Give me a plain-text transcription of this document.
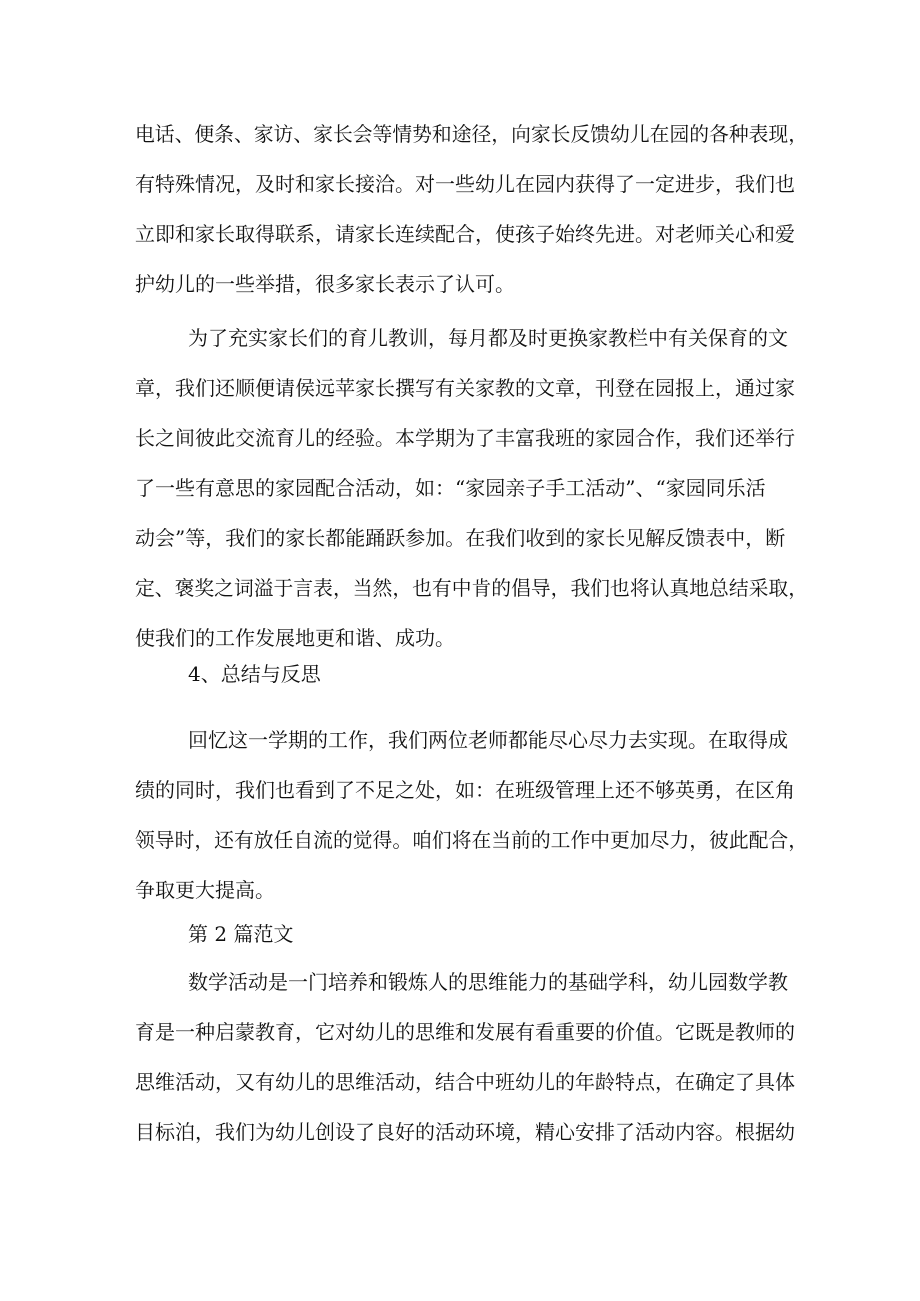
电话、便条、家访、家长会等情势和途径，向家长反馈幼儿在园的各种表现，
有特殊情况，及时和家长接洽。对一些幼儿在园内获得了一定进步，我们也
立即和家长取得联系，请家长连续配合，使孩子始终先进。对老师关心和爱
护幼儿的一些举措，很多家长表示了认可。
为了充实家长们的育儿教训，每月都及时更换家教栏中有关保育的文
章，我们还顺便请侯远苹家长撰写有关家教的文章，刊登在园报上，通过家
长之间彼此交流育儿的经验。本学期为了丰富我班的家园合作，我们还举行
了一些有意思的家园配合活动，如：“家园亲子手工活动”、“家园同乐活
动会”等，我们的家长都能踊跃参加。在我们收到的家长见解反馈表中，断
定、褒奖之词溢于言表，当然，也有中肯的倡导，我们也将认真地总结采取，
使我们的工作发展地更和谐、成功。
4、总结与反思
回忆这一学期的工作，我们两位老师都能尽心尽力去实现。在取得成
绩的同时，我们也看到了不足之处，如：在班级管理上还不够英勇，在区角
领导时，还有放任自流的觉得。咱们将在当前的工作中更加尽力，彼此配合，
争取更大提高。
第 2 篇范文
数学活动是一门培养和锻炼人的思维能力的基础学科，幼儿园数学教
育是一种启蒙教育，它对幼儿的思维和发展有看重要的价值。它既是教师的
思维活动，又有幼儿的思维活动，结合中班幼儿的年龄特点，在确定了具体
目标泊，我们为幼儿创设了良好的活动环境，精心安排了活动内容。根据幼
